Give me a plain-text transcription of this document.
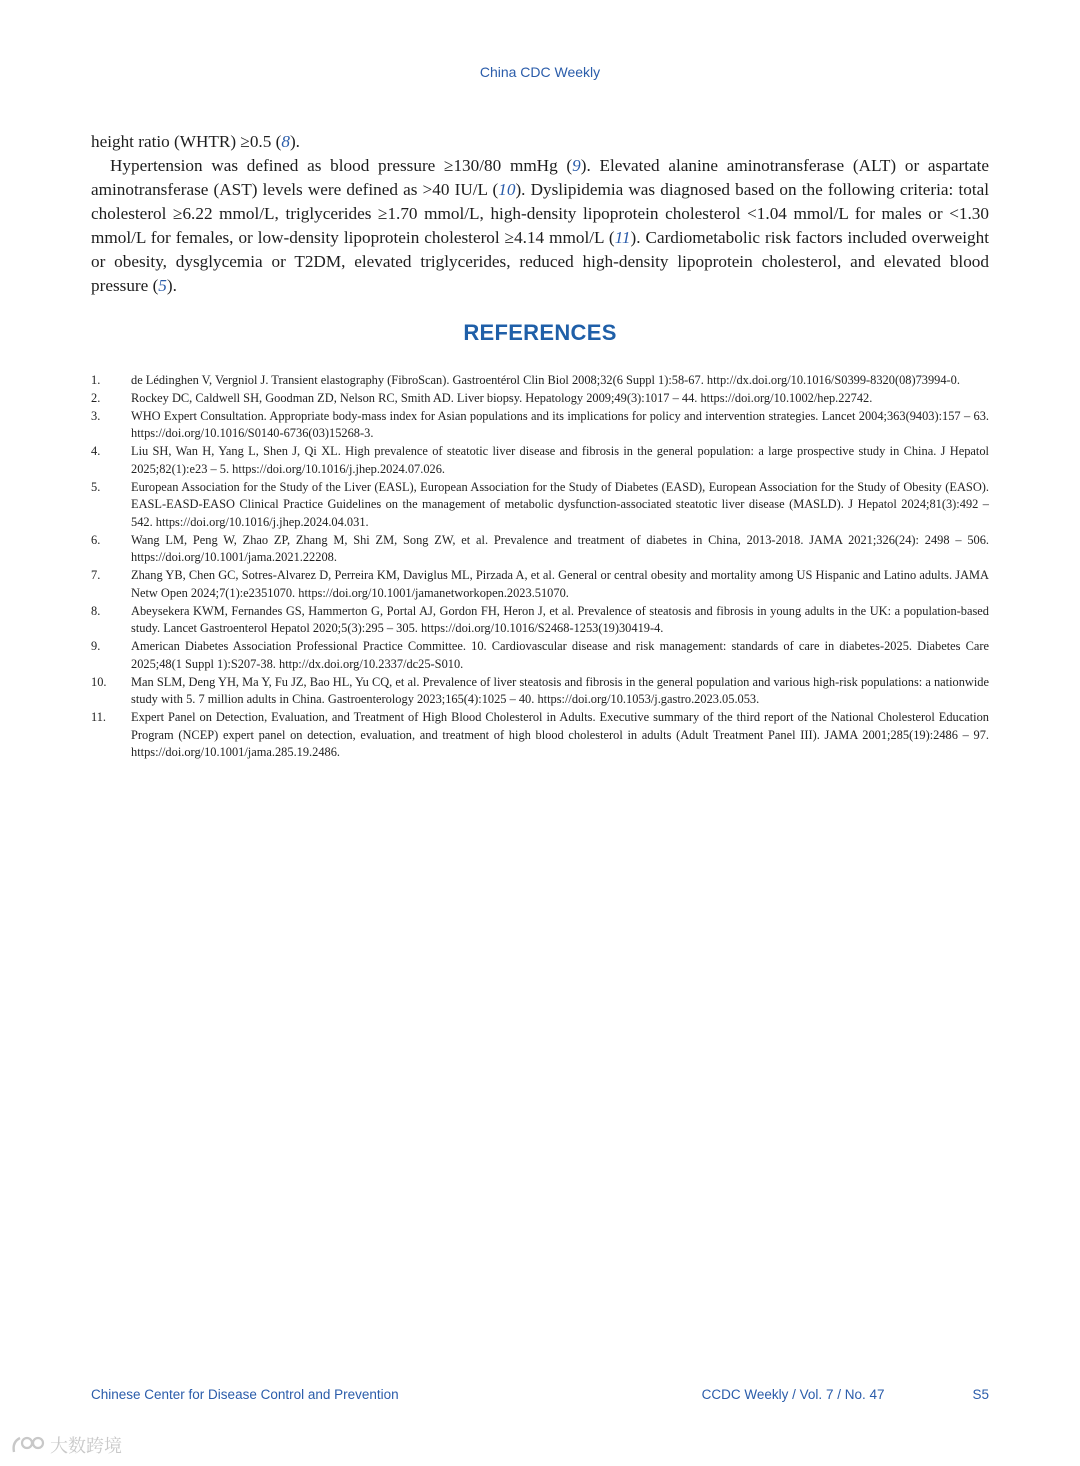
China CDC Weekly

height ratio (WHTR) ≥0.5 (8).

Hypertension was defined as blood pressure ≥130/80 mmHg (9). Elevated alanine aminotransferase (ALT) or aspartate aminotransferase (AST) levels were defined as >40 IU/L (10). Dyslipidemia was diagnosed based on the following criteria: total cholesterol ≥6.22 mmol/L, triglycerides ≥1.70 mmol/L, high-density lipoprotein cholesterol <1.04 mmol/L for males or <1.30 mmol/L for females, or low-density lipoprotein cholesterol ≥4.14 mmol/L (11). Cardiometabolic risk factors included overweight or obesity, dysglycemia or T2DM, elevated triglycerides, reduced high-density lipoprotein cholesterol, and elevated blood pressure (5).

REFERENCES
1.	de Lédinghen V, Vergniol J. Transient elastography (FibroScan). Gastroentérol Clin Biol 2008;32(6 Suppl 1):58-67. http://dx.doi.org/10.1016/S0399-8320(08)73994-0.
2.	Rockey DC, Caldwell SH, Goodman ZD, Nelson RC, Smith AD. Liver biopsy. Hepatology 2009;49(3):1017 – 44. https://doi.org/10.1002/hep.22742.
3.	WHO Expert Consultation. Appropriate body-mass index for Asian populations and its implications for policy and intervention strategies. Lancet 2004;363(9403):157 – 63. https://doi.org/10.1016/S0140-6736(03)15268-3.
4.	Liu SH, Wan H, Yang L, Shen J, Qi XL. High prevalence of steatotic liver disease and fibrosis in the general population: a large prospective study in China. J Hepatol 2025;82(1):e23 – 5. https://doi.org/10.1016/j.jhep.2024.07.026.
5.	European Association for the Study of the Liver (EASL), European Association for the Study of Diabetes (EASD), European Association for the Study of Obesity (EASO). EASL-EASD-EASO Clinical Practice Guidelines on the management of metabolic dysfunction-associated steatotic liver disease (MASLD). J Hepatol 2024;81(3):492 – 542. https://doi.org/10.1016/j.jhep.2024.04.031.
6.	Wang LM, Peng W, Zhao ZP, Zhang M, Shi ZM, Song ZW, et al. Prevalence and treatment of diabetes in China, 2013-2018. JAMA 2021;326(24): 2498 – 506. https://doi.org/10.1001/jama.2021.22208.
7.	Zhang YB, Chen GC, Sotres-Alvarez D, Perreira KM, Daviglus ML, Pirzada A, et al. General or central obesity and mortality among US Hispanic and Latino adults. JAMA Netw Open 2024;7(1):e2351070. https://doi.org/10.1001/jamanetworkopen.2023.51070.
8.	Abeysekera KWM, Fernandes GS, Hammerton G, Portal AJ, Gordon FH, Heron J, et al. Prevalence of steatosis and fibrosis in young adults in the UK: a population-based study. Lancet Gastroenterol Hepatol 2020;5(3):295 – 305. https://doi.org/10.1016/S2468-1253(19)30419-4.
9.	American Diabetes Association Professional Practice Committee. 10. Cardiovascular disease and risk management: standards of care in diabetes-2025. Diabetes Care 2025;48(1 Suppl 1):S207-38. http://dx.doi.org/10.2337/dc25-S010.
10.	Man SLM, Deng YH, Ma Y, Fu JZ, Bao HL, Yu CQ, et al. Prevalence of liver steatosis and fibrosis in the general population and various high-risk populations: a nationwide study with 5. 7 million adults in China. Gastroenterology 2023;165(4):1025 – 40. https://doi.org/10.1053/j.gastro.2023.05.053.
11.	Expert Panel on Detection, Evaluation, and Treatment of High Blood Cholesterol in Adults. Executive summary of the third report of the National Cholesterol Education Program (NCEP) expert panel on detection, evaluation, and treatment of high blood cholesterol in adults (Adult Treatment Panel III). JAMA 2001;285(19):2486 – 97. https://doi.org/10.1001/jama.285.19.2486.
Chinese Center for Disease Control and Prevention	CCDC Weekly / Vol. 7 / No. 47	S5
大数跨境
